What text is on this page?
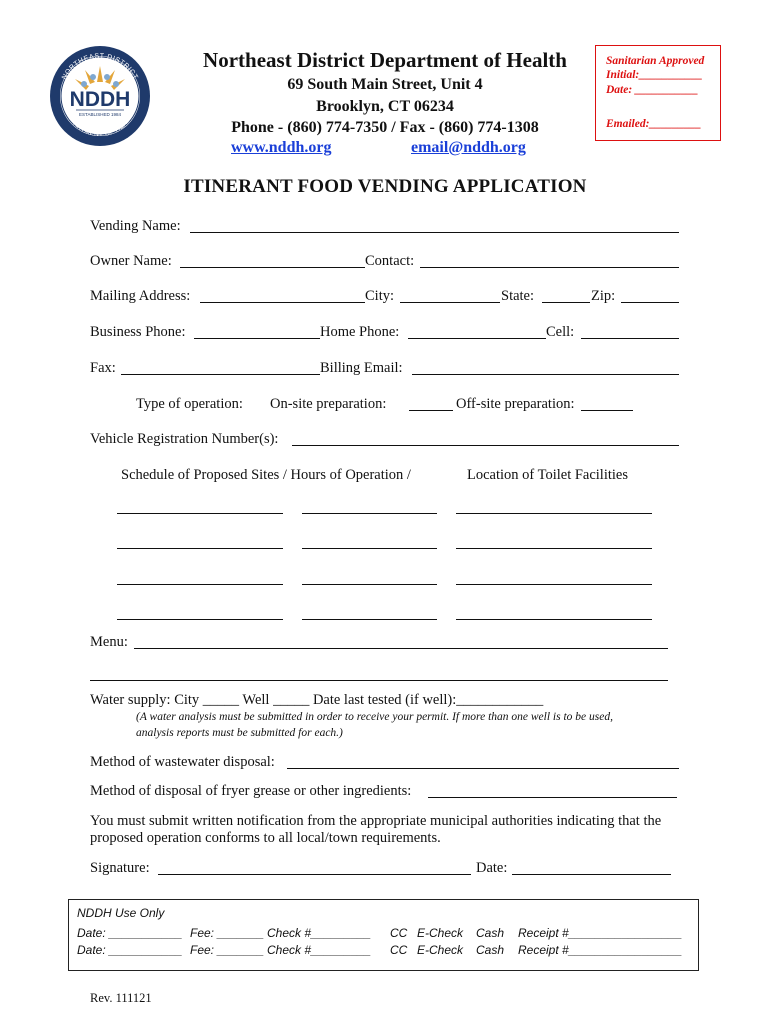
NDDH
ESTABLISHED 1984
NORTHEAST DISTRICT
DEPARTMENT OF HEALTH
Northeast District Department of Health
69 South Main Street, Unit 4
Brooklyn, CT 06234
Phone - (860) 774-7350 / Fax - (860) 774-1308
www.nddh.org	email@nddh.org
Sanitarian Approved
Initial:___________
Date: ___________
Emailed:_________
ITINERANT FOOD VENDING APPLICATION
Vending Name:
Owner Name:	Contact:
Mailing Address:	City:	State:	Zip:
Business Phone:	Home Phone:	Cell:
Fax:	Billing Email:
Type of operation: On-site preparation:	Off-site preparation:
Vehicle Registration Number(s):
Schedule of Proposed Sites / Hours of Operation /	Location of Toilet Facilities
Menu:
Water supply: City _____ Well _____ Date last tested (if well):____________
(A water analysis must be submitted in order to receive your permit. If more than one well is to be used,
analysis reports must be submitted for each.)
Method of wastewater disposal:
Method of disposal of fryer grease or other ingredients:
You must submit written notification from the appropriate municipal authorities indicating that the
proposed operation conforms to all local/town requirements.
Signature:	Date:
NDDH Use Only
Date: ___________ Fee: _______ Check #_________ CC E-Check Cash Receipt #_________________
Date: ___________ Fee: _______ Check #_________ CC E-Check Cash Receipt #_________________
Rev. 111121
